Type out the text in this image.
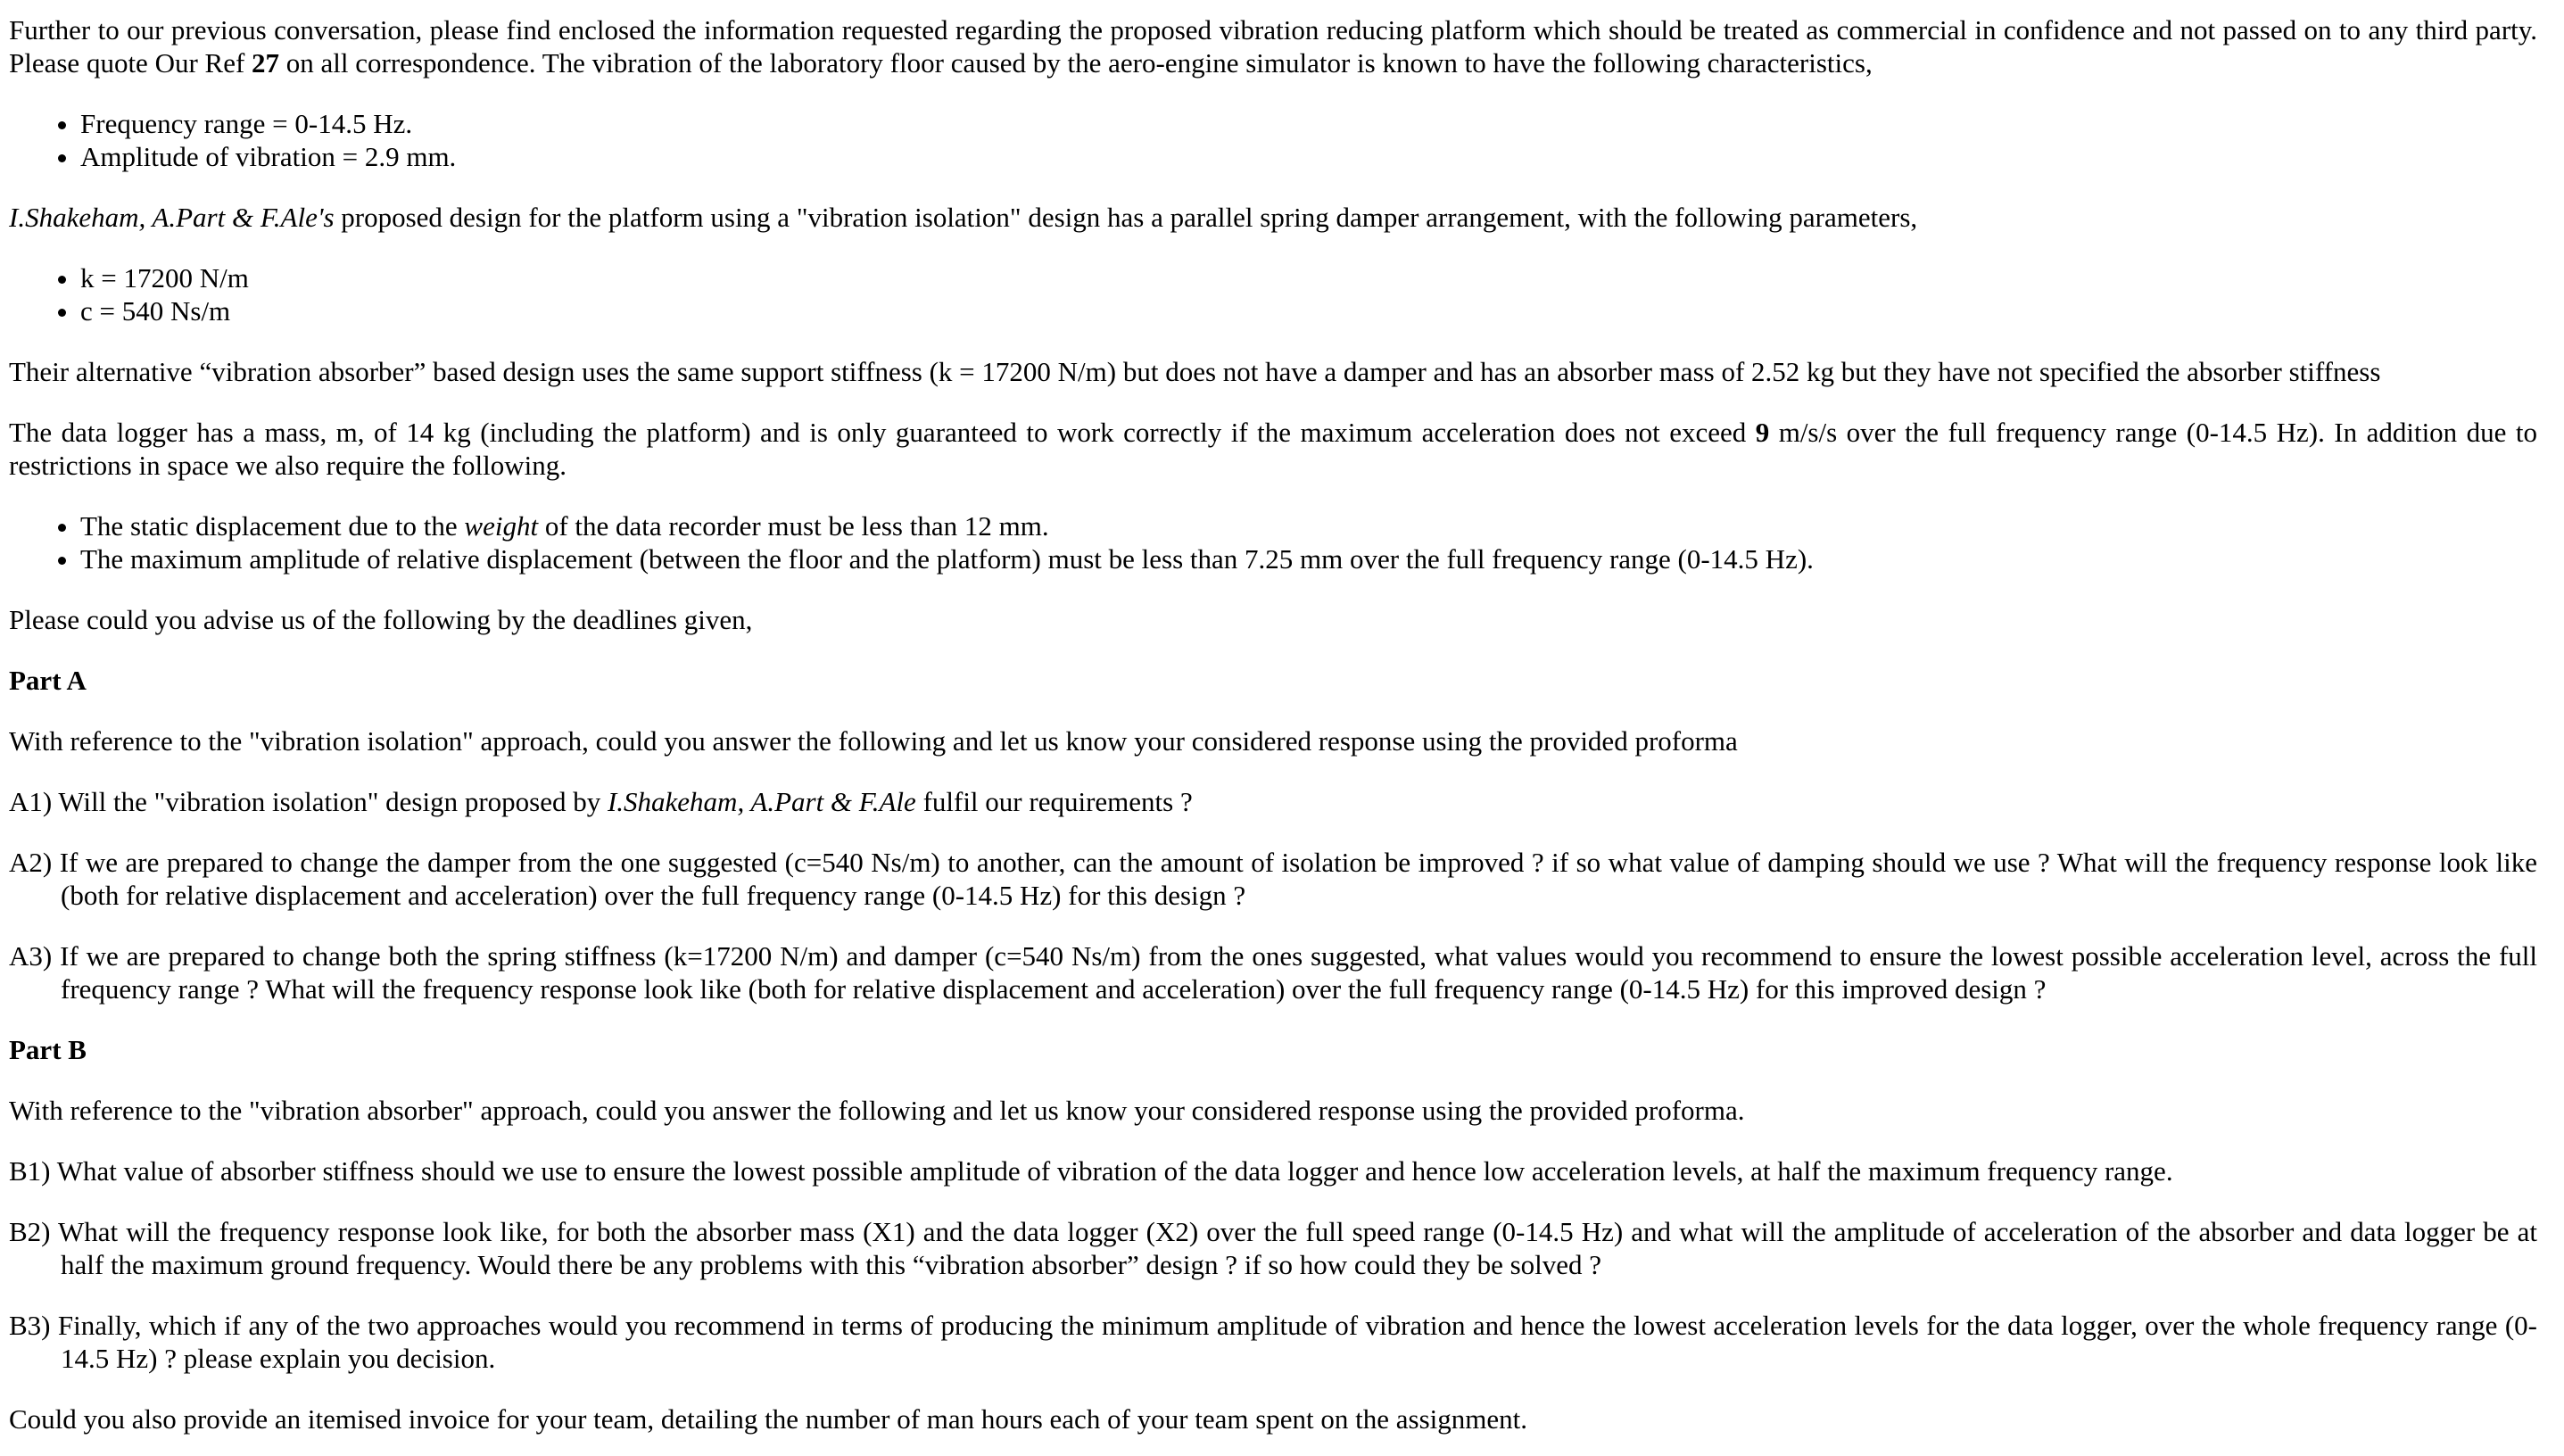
Further to our previous conversation, please find enclosed the information requested regarding the proposed vibration reducing platform which should be treated as commercial in confidence and not passed on to any third party. Please quote Our Ref 27 on all correspondence. The vibration of the laboratory floor caused by the aero-engine simulator is known to have the following characteristics,

• Frequency range = 0-14.5 Hz.
• Amplitude of vibration = 2.9 mm.

I.Shakeham, A.Part & F.Ale's proposed design for the platform using a "vibration isolation" design has a parallel spring damper arrangement, with the following parameters,

• k = 17200 N/m
• c = 540 Ns/m

Their alternative “vibration absorber” based design uses the same support stiffness (k = 17200 N/m) but does not have a damper and has an absorber mass of 2.52 kg but they have not specified the absorber stiffness

The data logger has a mass, m, of 14 kg (including the platform) and is only guaranteed to work correctly if the maximum acceleration does not exceed 9 m/s/s over the full frequency range (0-14.5 Hz). In addition due to restrictions in space we also require the following.

• The static displacement due to the weight of the data recorder must be less than 12 mm.
• The maximum amplitude of relative displacement (between the floor and the platform) must be less than 7.25 mm over the full frequency range (0-14.5 Hz).

Please could you advise us of the following by the deadlines given,

Part A

With reference to the "vibration isolation" approach, could you answer the following and let us know your considered response using the provided proforma

A1) Will the "vibration isolation" design proposed by I.Shakeham, A.Part & F.Ale fulfil our requirements ?

A2) If we are prepared to change the damper from the one suggested (c=540 Ns/m) to another, can the amount of isolation be improved ? if so what value of damping should we use ? What will the frequency response look like (both for relative displacement and acceleration) over the full frequency range (0-14.5 Hz) for this design ?

A3) If we are prepared to change both the spring stiffness (k=17200 N/m) and damper (c=540 Ns/m) from the ones suggested, what values would you recommend to ensure the lowest possible acceleration level, across the full frequency range ? What will the frequency response look like (both for relative displacement and acceleration) over the full frequency range (0-14.5 Hz) for this improved design ?

Part B

With reference to the "vibration absorber" approach, could you answer the following and let us know your considered response using the provided proforma.

B1) What value of absorber stiffness should we use to ensure the lowest possible amplitude of vibration of the data logger and hence low acceleration levels, at half the maximum frequency range.

B2) What will the frequency response look like, for both the absorber mass (X1) and the data logger (X2) over the full speed range (0-14.5 Hz) and what will the amplitude of acceleration of the absorber and data logger be at half the maximum ground frequency. Would there be any problems with this “vibration absorber” design ? if so how could they be solved ?

B3) Finally, which if any of the two approaches would you recommend in terms of producing the minimum amplitude of vibration and hence the lowest acceleration levels for the data logger, over the whole frequency range (0-14.5 Hz) ? please explain you decision.

Could you also provide an itemised invoice for your team, detailing the number of man hours each of your team spent on the assignment.
